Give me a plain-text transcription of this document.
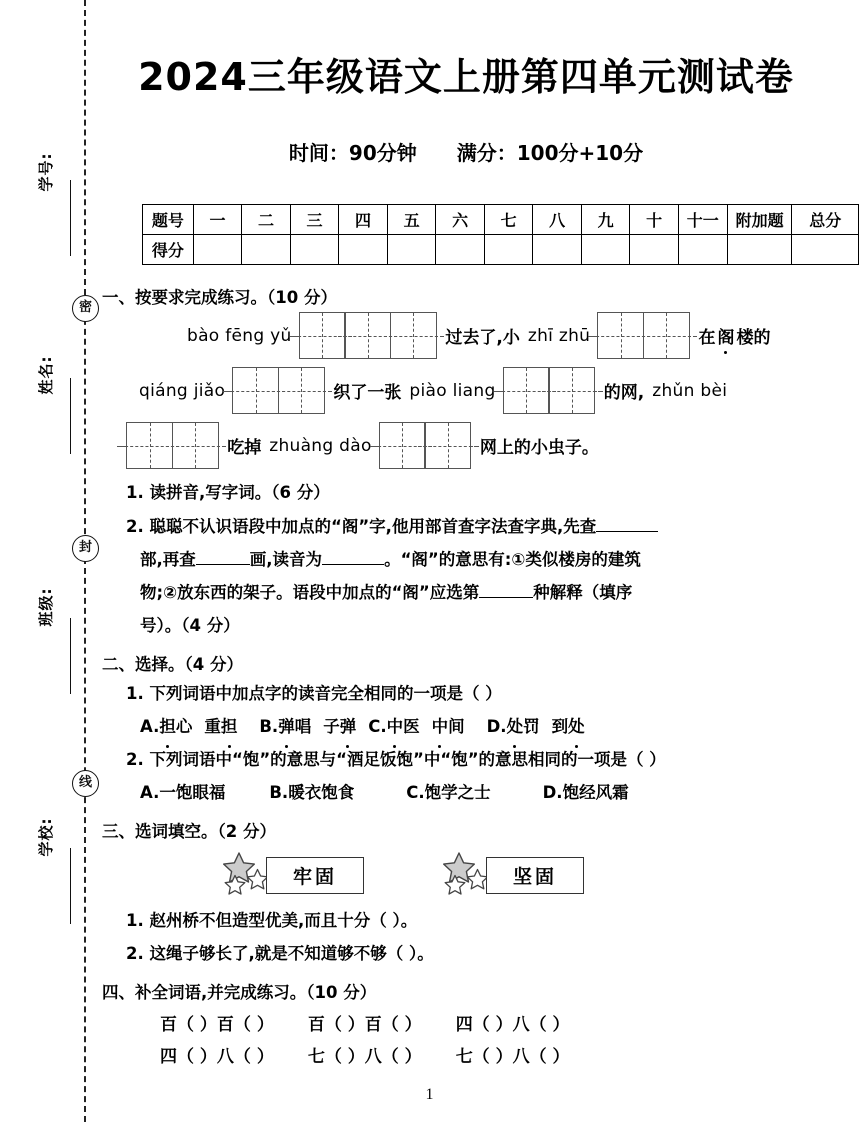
学号:
姓名:
班级:
学校:
密
封
线
2024三年级语文上册第四单元测试卷
时间：90分钟 满分：100分+10分
题号	一	二	三	四	五	六	七	八	九	十	十一	附加题	总分
得分													
一、按要求完成练习。（10 分）
bào fēng yǔ	过去了,小 zhī zhū	在 阁 楼的
qiáng jiǎo	织了一张 piào liang	的网, zhǔn bèi
吃掉 zhuàng dào	网上的小虫子。
1. 读拼音,写字词。（6 分）
2. 聪聪不认识语段中加点的“阁”字,他用部首查字法查字典,先查
部,再查	画,读音为	。“阁”的意思有:①类似楼房的建筑
物;②放东西的架子。语段中加点的“阁”应选第	种解释（填序
号）。（4 分）
二、选择。（4 分）
1. 下列词语中加点字的读音完全相同的一项是（ ）
A.担心 重担 B.弹唱 子弹 C.中医 中间 D.处罚 到处
2. 下列词语中“饱”的意思与“酒足饭饱”中“饱”的意思相同的一项是（ ）
A.一饱眼福	B.暖衣饱食	C.饱学之士	D.饱经风霜
三、选词填空。（2 分）
牢固	坚固
1. 赵州桥不但造型优美,而且十分（ ）。
2. 这绳子够长了,就是不知道够不够（ ）。
四、补全词语,并完成练习。（10 分）
百（ ）百（ ） 百（ ）百（ ） 四（ ）八（ ）
四（ ）八（ ） 七（ ）八（ ） 七（ ）八（ ）
1
